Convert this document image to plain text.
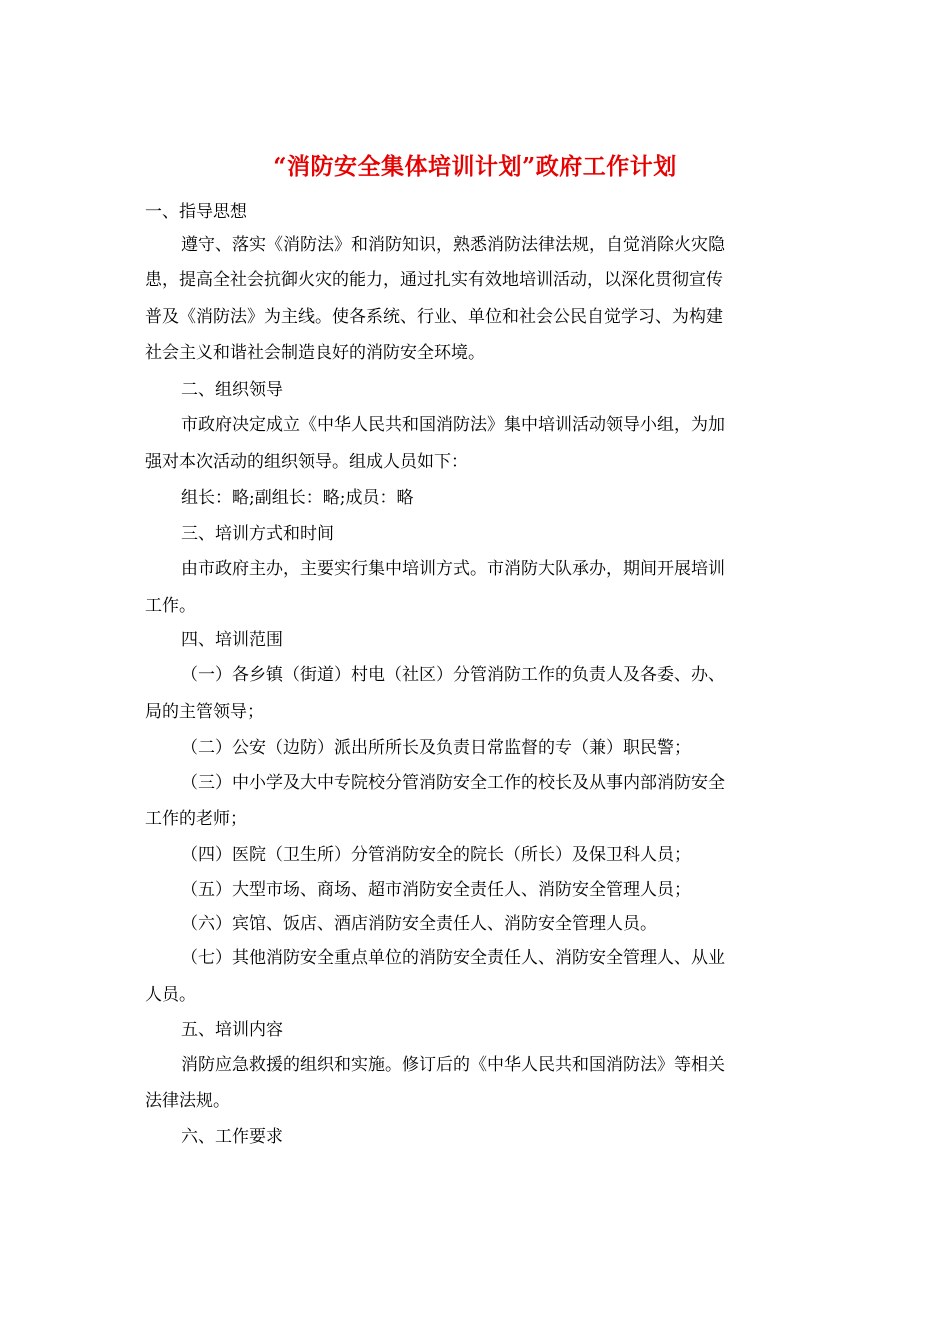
“消防安全集体培训计划”政府工作计划
一、指导思想
遵守、落实《消防法》和消防知识，熟悉消防法律法规，自觉消除火灾隐
患，提高全社会抗御火灾的能力，通过扎实有效地培训活动，以深化贯彻宣传
普及《消防法》为主线。使各系统、行业、单位和社会公民自觉学习、为构建
社会主义和谐社会制造良好的消防安全环境。
二、组织领导
市政府决定成立《中华人民共和国消防法》集中培训活动领导小组，为加
强对本次活动的组织领导。组成人员如下：
组长：略;副组长：略;成员：略
三、培训方式和时间
由市政府主办，主要实行集中培训方式。市消防大队承办，期间开展培训
工作。
四、培训范围
（一）各乡镇（街道）村电（社区）分管消防工作的负责人及各委、办、
局的主管领导；
（二）公安（边防）派出所所长及负责日常监督的专（兼）职民警；
（三）中小学及大中专院校分管消防安全工作的校长及从事内部消防安全
工作的老师；
（四）医院（卫生所）分管消防安全的院长（所长）及保卫科人员；
（五）大型市场、商场、超市消防安全责任人、消防安全管理人员；
（六）宾馆、饭店、酒店消防安全责任人、消防安全管理人员。
（七）其他消防安全重点单位的消防安全责任人、消防安全管理人、从业
人员。
五、培训内容
消防应急救援的组织和实施。修订后的《中华人民共和国消防法》等相关
法律法规。
六、工作要求
